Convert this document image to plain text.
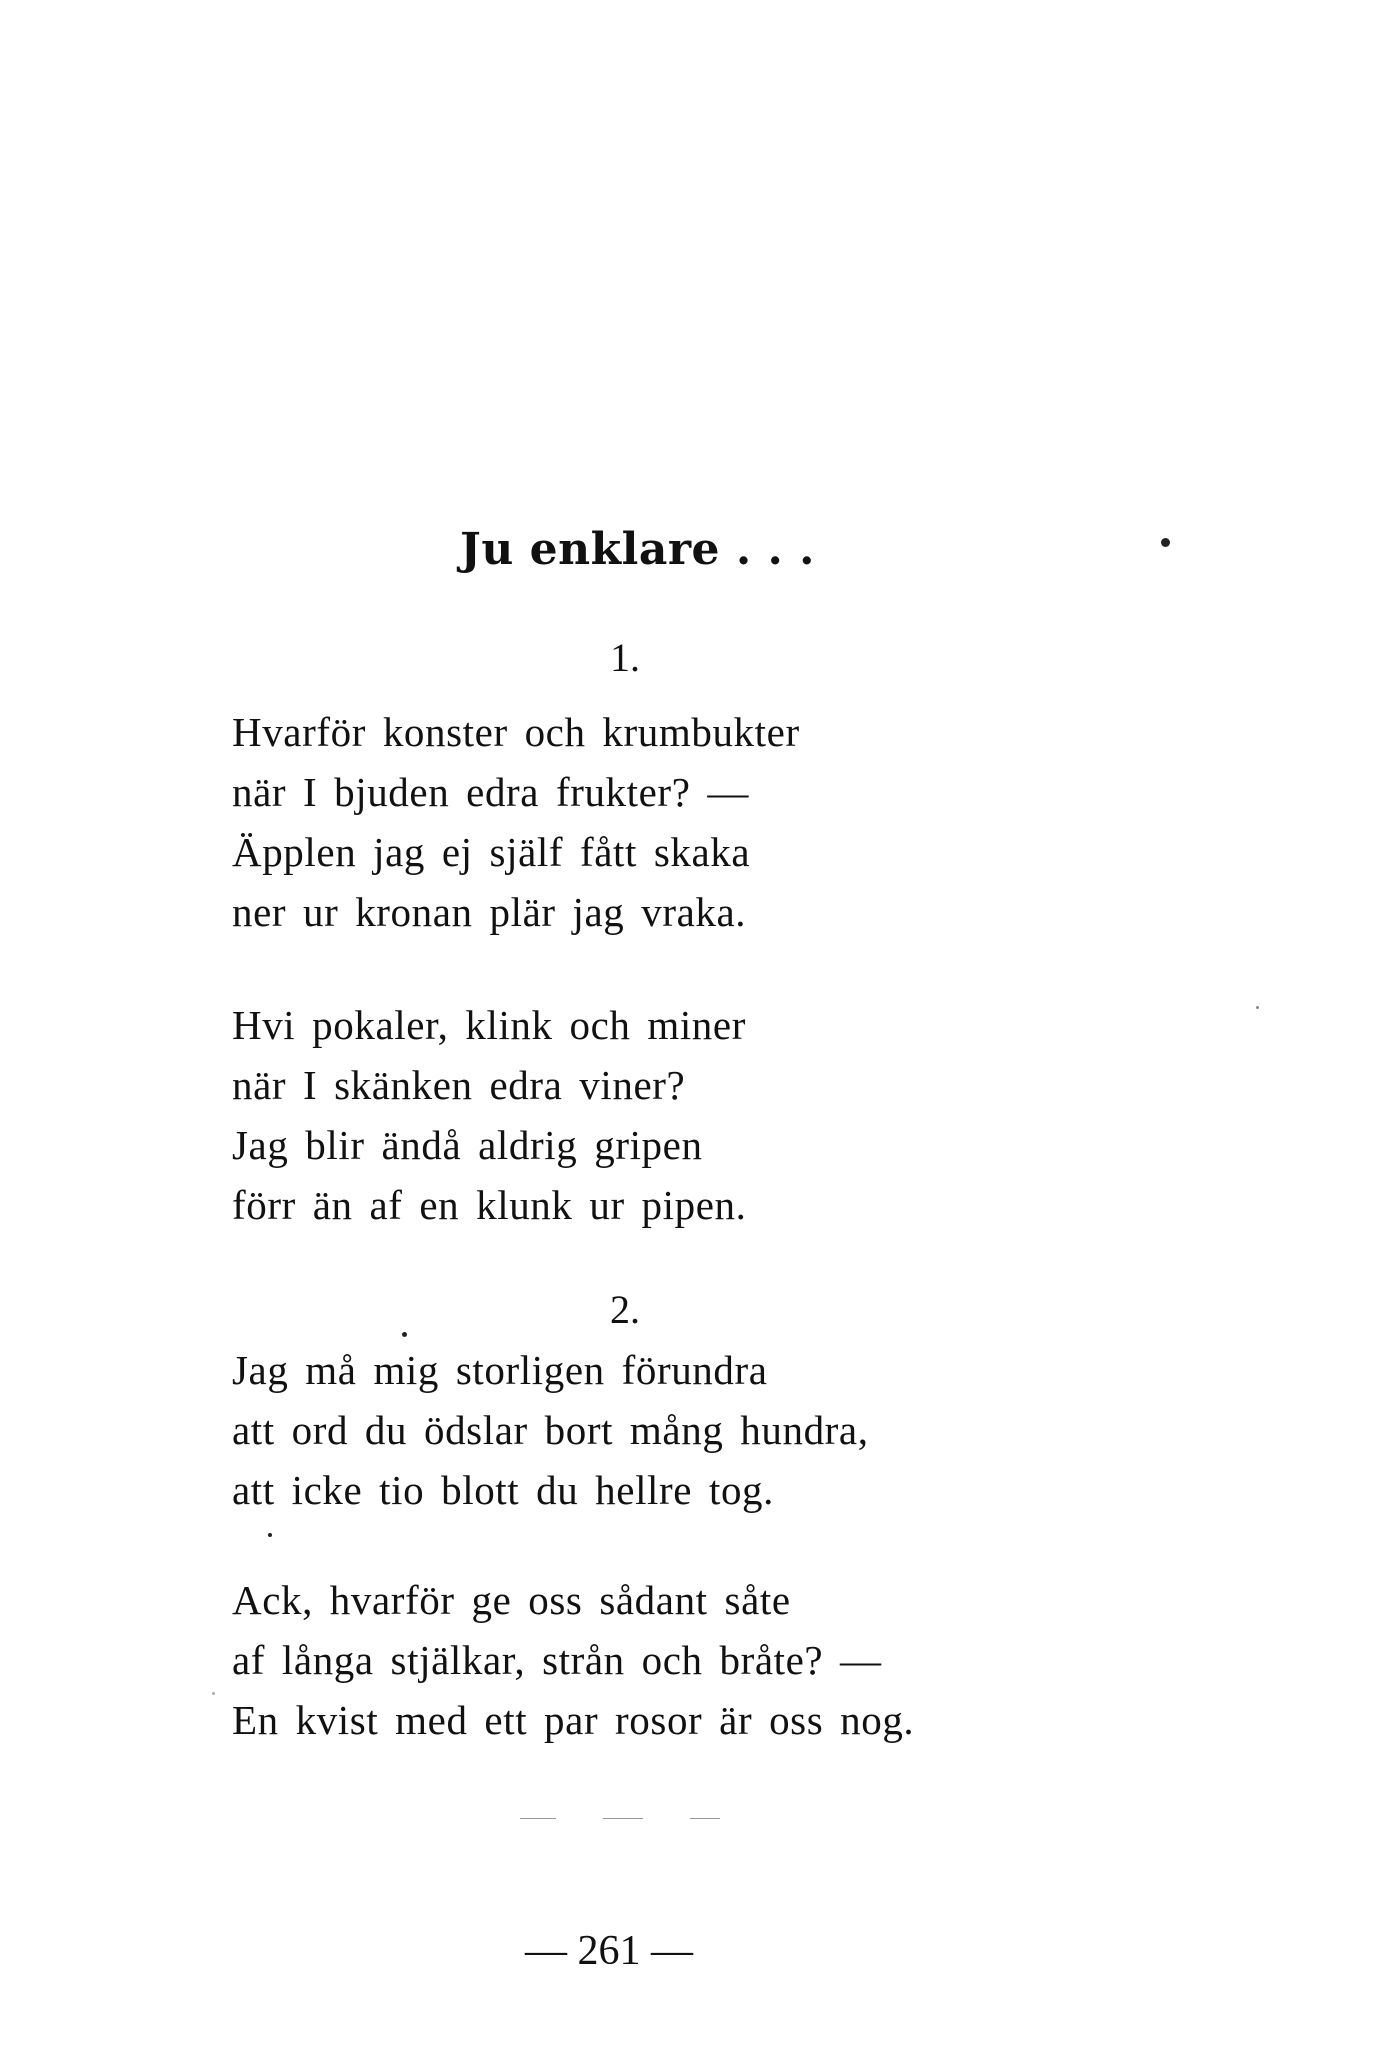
Ju enklare . . .
1.
Hvarför konster och krumbukter
när I bjuden edra frukter? —
Äpplen jag ej själf fått skaka
ner ur kronan plär jag vraka.
Hvi pokaler, klink och miner
när I skänken edra viner?
Jag blir ändå aldrig gripen
förr än af en klunk ur pipen.
2.
Jag må mig storligen förundra
att ord du ödslar bort mång hundra,
att icke tio blott du hellre tog.
Ack, hvarför ge oss sådant såte
af långa stjälkar, strån och bråte? —
En kvist med ett par rosor är oss nog.
— 261 —
